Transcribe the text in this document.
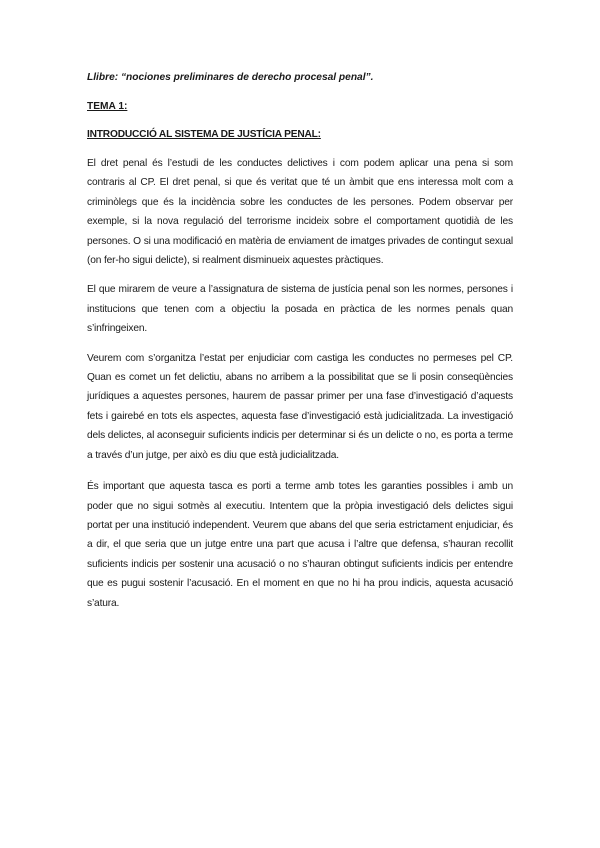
Llibre: “nociones preliminares de derecho procesal penal”.

TEMA 1:

INTRODUCCIÓ AL SISTEMA DE JUSTÍCIA PENAL:

El dret penal és l’estudi de les conductes delictives i com podem aplicar una pena si som contraris al CP. El dret penal, si que és veritat que té un àmbit que ens interessa molt com a criminòlegs que és la incidència sobre les conductes de les persones. Podem observar per exemple, si la nova regulació del terrorisme incideix sobre el comportament quotidià de les persones. O si una modificació en matèria de enviament de imatges privades de contingut sexual (on fer-ho sigui delicte), si realment disminueix aquestes pràctiques.

El que mirarem de veure a l’assignatura de sistema de justícia penal son les normes, persones i institucions que tenen com a objectiu la posada en pràctica de les normes penals quan s’infringeixen.

Veurem com s’organitza l’estat per enjudiciar com castiga les conductes no permeses pel CP. Quan es comet un fet delictiu, abans no arribem a la possibilitat que se li posin conseqüències jurídiques a aquestes persones, haurem de passar primer per una fase d’investigació d’aquests fets i gairebé en tots els aspectes, aquesta fase d’investigació està judicialitzada. La investigació dels delictes, al aconseguir suficients indicis per determinar si és un delicte o no, es porta a terme a través d’un jutge, per això es diu que està judicialitzada.

És important que aquesta tasca es porti a terme amb totes les garanties possibles i amb un poder que no sigui sotmès al executiu. Intentem que la pròpia investigació dels delictes sigui portat per una institució independent. Veurem que abans del que seria estrictament enjudiciar, és a dir, el que seria que un jutge entre una part que acusa i l’altre que defensa, s’hauran recollit suficients indicis per sostenir una acusació o no s’hauran obtingut suficients indicis per entendre que es pugui sostenir l’acusació. En el moment en que no hi ha prou indicis, aquesta acusació s’atura.
